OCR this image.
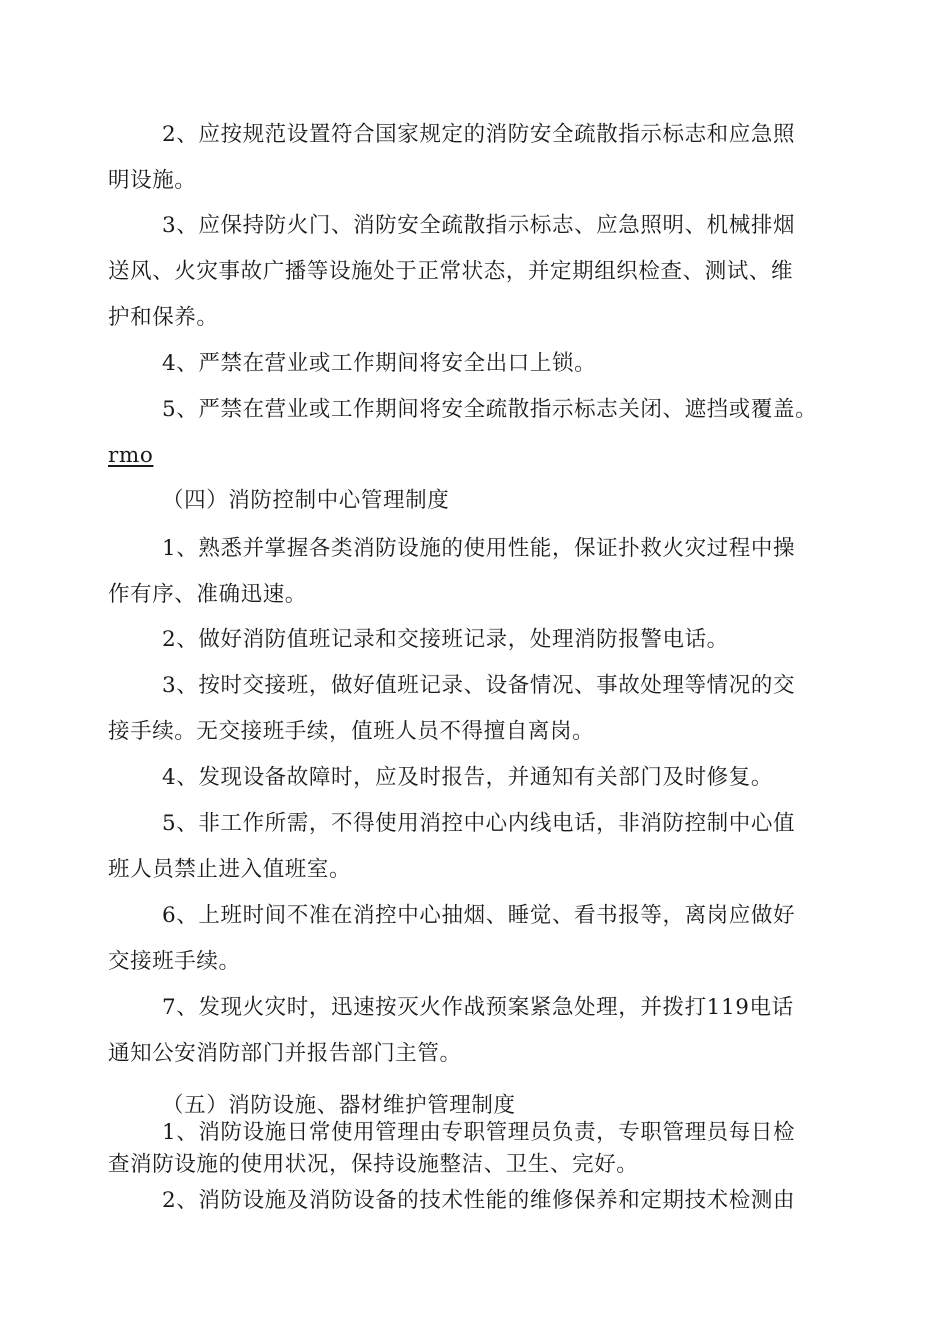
2、应按规范设置符合国家规定的消防安全疏散指示标志和应急照
明设施。
3、应保持防火门、消防安全疏散指示标志、应急照明、机械排烟
送风、火灾事故广播等设施处于正常状态，并定期组织检查、测试、维
护和保养。
4、严禁在营业或工作期间将安全出口上锁。
5、严禁在营业或工作期间将安全疏散指示标志关闭、遮挡或覆盖。
rmo
（四）消防控制中心管理制度
1、熟悉并掌握各类消防设施的使用性能，保证扑救火灾过程中操
作有序、准确迅速。
2、做好消防值班记录和交接班记录，处理消防报警电话。
3、按时交接班，做好值班记录、设备情况、事故处理等情况的交
接手续。无交接班手续，值班人员不得擅自离岗。
4、发现设备故障时，应及时报告，并通知有关部门及时修复。
5、非工作所需，不得使用消控中心内线电话，非消防控制中心值
班人员禁止进入值班室。
6、上班时间不准在消控中心抽烟、睡觉、看书报等，离岗应做好
交接班手续。
7、发现火灾时，迅速按灭火作战预案紧急处理，并拨打119电话
通知公安消防部门并报告部门主管。
（五）消防设施、器材维护管理制度
1、消防设施日常使用管理由专职管理员负责，专职管理员每日检
查消防设施的使用状况，保持设施整洁、卫生、完好。
2、消防设施及消防设备的技术性能的维修保养和定期技术检测由
